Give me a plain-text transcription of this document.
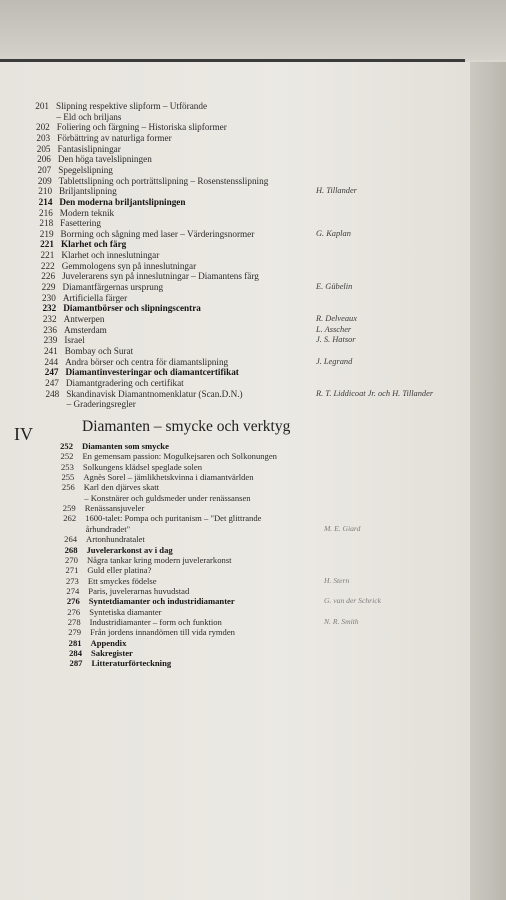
201 Slipning respektive slipform – Utförande
– Eld och briljans
202 Foliering och färgning – Historiska slipformer
203 Förbättring av naturliga former
205 Fantasislipningar
206 Den höga tavelslipningen
207 Spegelslipning
209 Tablettslipning och porträttslipning – Rosenstensslipning
210 Briljantslipning	H. Tillander
214 Den moderna briljantslipningen
216 Modern teknik
218 Fasettering
219 Borrning och sågning med laser – Värderingsnormer	G. Kaplan
221 Klarhet och färg
221 Klarhet och inneslutningar
222 Gemmologens syn på inneslutningar
226 Juvelerarens syn på inneslutningar – Diamantens färg
229 Diamantfärgernas ursprung	E. Gübelin
230 Artificiella färger
232 Diamantbörser och slipningscentra
232 Antwerpen	R. Delveaux
236 Amsterdam	L. Asscher
239 Israel	J. S. Hatsor
241 Bombay och Surat
244 Andra börser och centra för diamantslipning	J. Legrand
247 Diamantinvesteringar och diamantcertifikat
247 Diamantgradering och certifikat
248 Skandinavisk Diamantnomenklatur (Scan.D.N.)	R. T. Liddicoat Jr. och H. Tillander
– Graderingsregler
IV	Diamanten – smycke och verktyg
252 Diamanten som smycke
252 En gemensam passion: Mogulkejsaren och Solkonungen
253 Solkungens klädsel speglade solen
255 Agnès Sorel – jämlikhetskvinna i diamantvärlden
256 Karl den djärves skatt
– Konstnärer och guldsmeder under renässansen
259 Renässansjuveler
262 1600-talet: Pompa och puritanism – "Det glittrande
århundradet"	M. E. Giard
264 Artonhundratalet
268 Juvelerarkonst av i dag
270 Några tankar kring modern juvelerarkonst
271 Guld eller platina?
273 Ett smyckes födelse	H. Stern
274 Paris, juvelerarnas huvudstad
276 Syntetdiamanter och industridiamanter	G. van der Schrick
276 Syntetiska diamanter
278 Industridiamanter – form och funktion	N. R. Smith
279 Från jordens innandömen till vida rymden
281 Appendix
284 Sakregister
287 Litteraturförteckning
